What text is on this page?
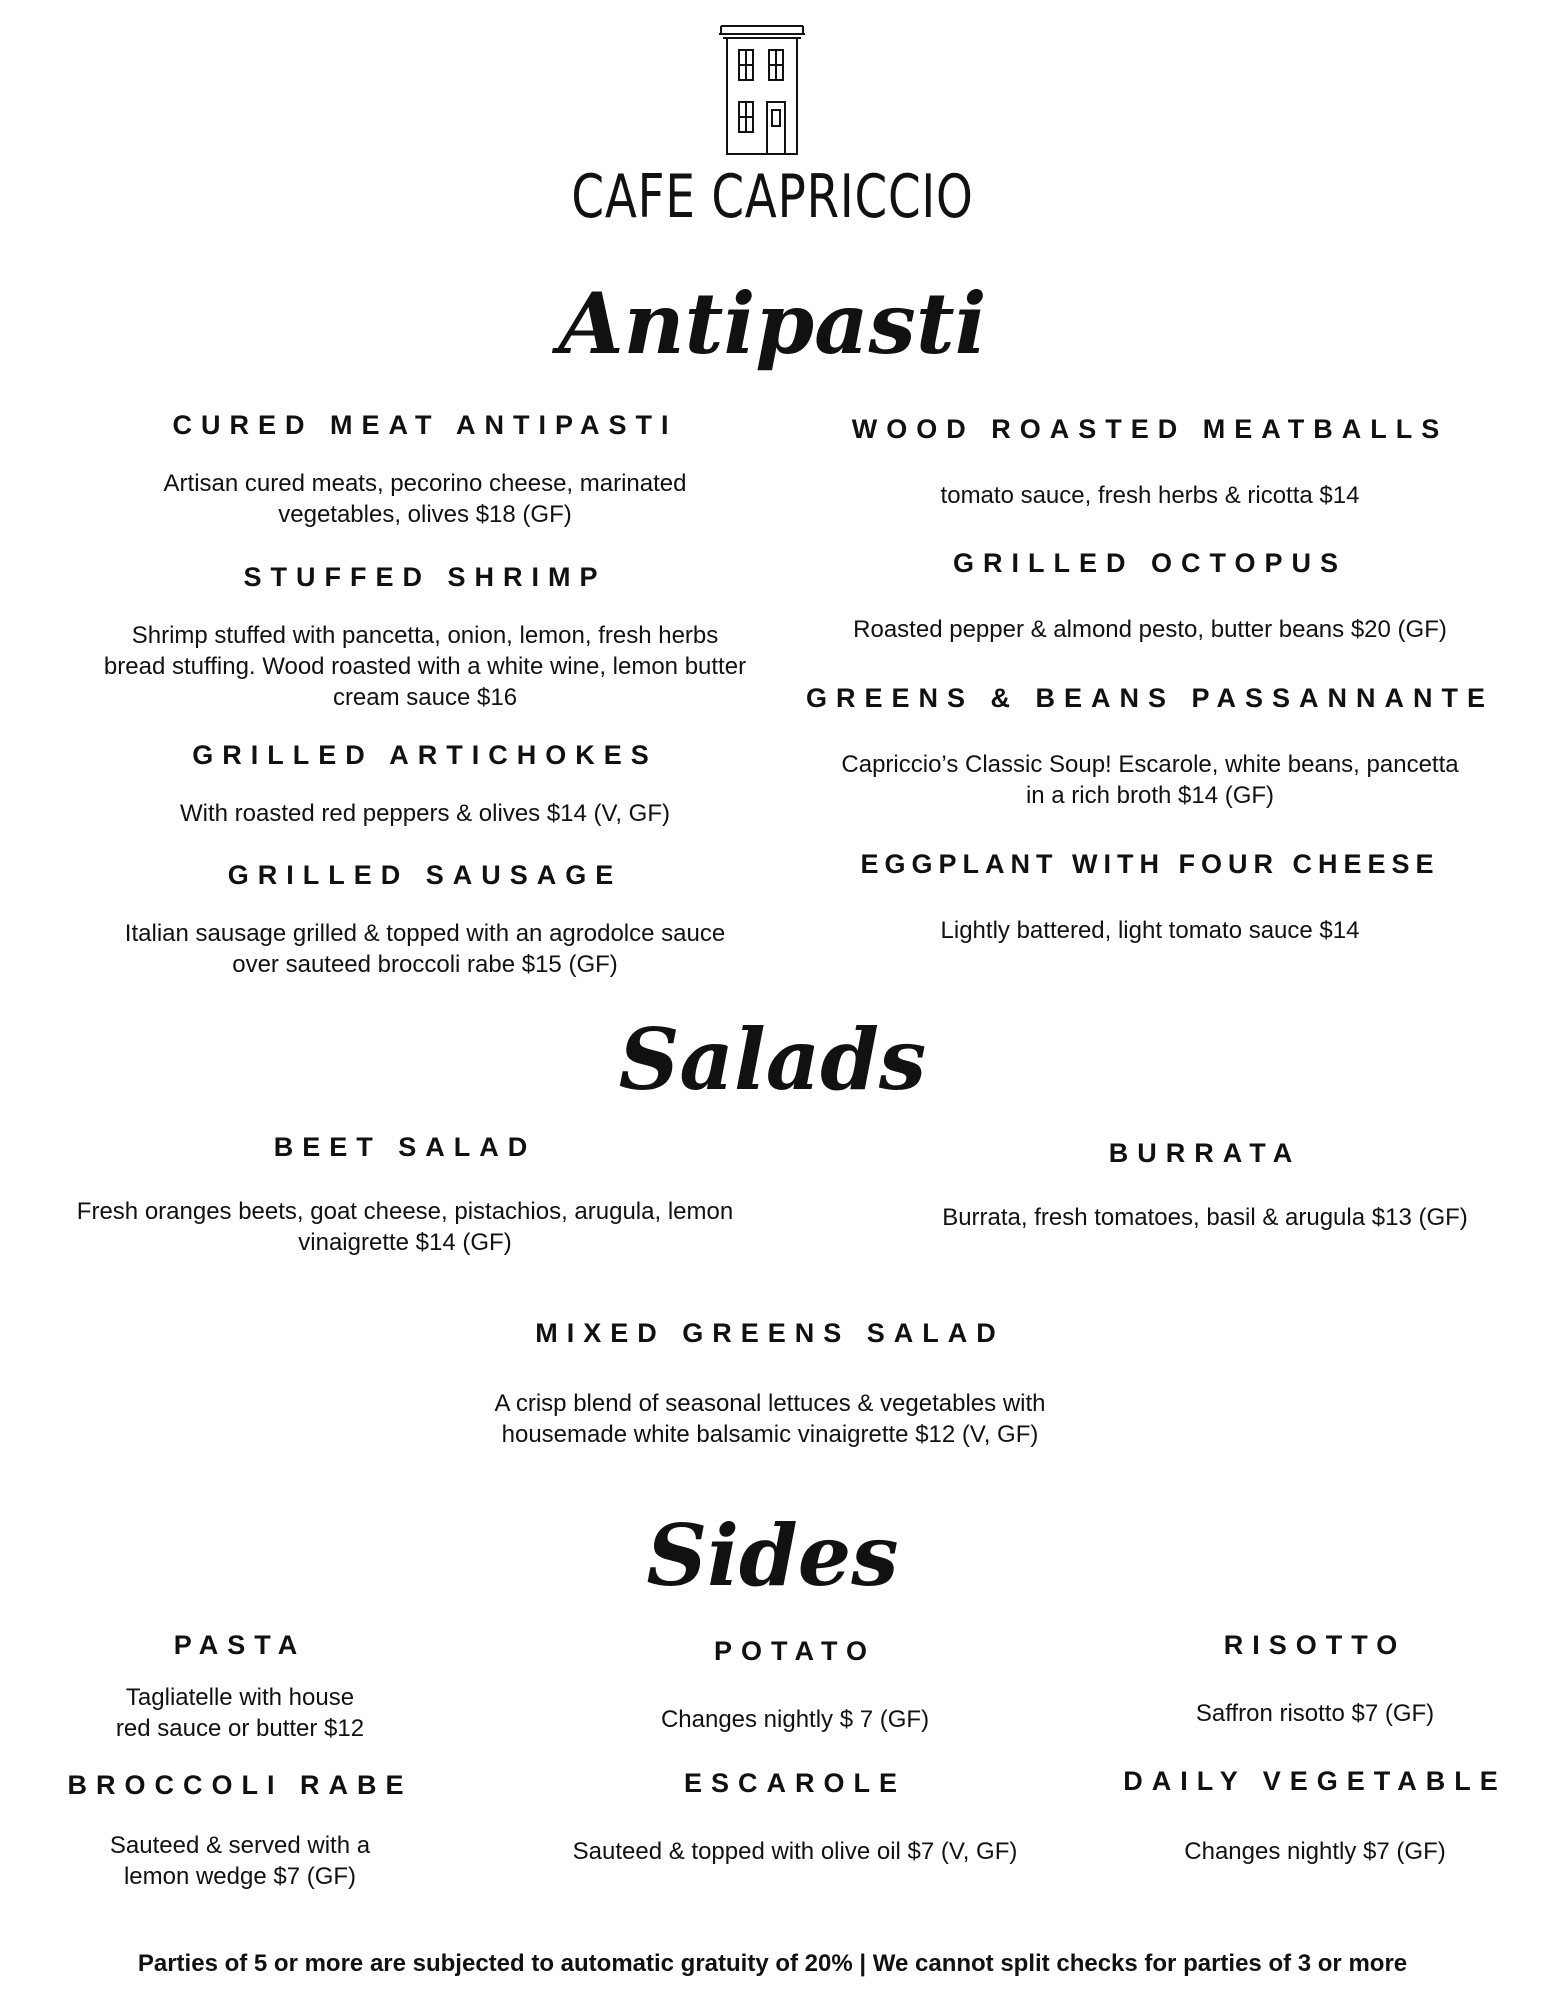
CAFE CAPRICCIO
Antipasti
CURED MEAT ANTIPASTI
Artisan cured meats, pecorino cheese, marinated vegetables, olives $18 (GF)
STUFFED SHRIMP
Shrimp stuffed with pancetta, onion, lemon, fresh herbs bread stuffing. Wood roasted with a white wine, lemon butter cream sauce $16
GRILLED ARTICHOKES
With roasted red peppers & olives $14 (V, GF)
GRILLED SAUSAGE
Italian sausage grilled & topped with an agrodolce sauce over sauteed broccoli rabe $15 (GF)
WOOD ROASTED MEATBALLS
tomato sauce, fresh herbs & ricotta $14
GRILLED OCTOPUS
Roasted pepper & almond pesto, butter beans $20 (GF)
GREENS & BEANS PASSANNANTE
Capriccio’s Classic Soup! Escarole, white beans, pancetta in a rich broth $14 (GF)
EGGPLANT WITH FOUR CHEESE
Lightly battered, light tomato sauce $14
Salads
BEET SALAD
Fresh oranges beets, goat cheese, pistachios, arugula, lemon vinaigrette $14 (GF)
BURRATA
Burrata, fresh tomatoes, basil & arugula $13 (GF)
MIXED GREENS SALAD
A crisp blend of seasonal lettuces & vegetables with housemade white balsamic vinaigrette $12 (V, GF)
Sides
PASTA
Tagliatelle with house red sauce or butter $12
BROCCOLI RABE
Sauteed & served with a lemon wedge $7 (GF)
POTATO
Changes nightly $ 7 (GF)
ESCAROLE
Sauteed & topped with olive oil $7 (V, GF)
RISOTTO
Saffron risotto $7 (GF)
DAILY VEGETABLE
Changes nightly $7 (GF)
Parties of 5 or more are subjected to automatic gratuity of 20% | We cannot split checks for parties of 3 or more
